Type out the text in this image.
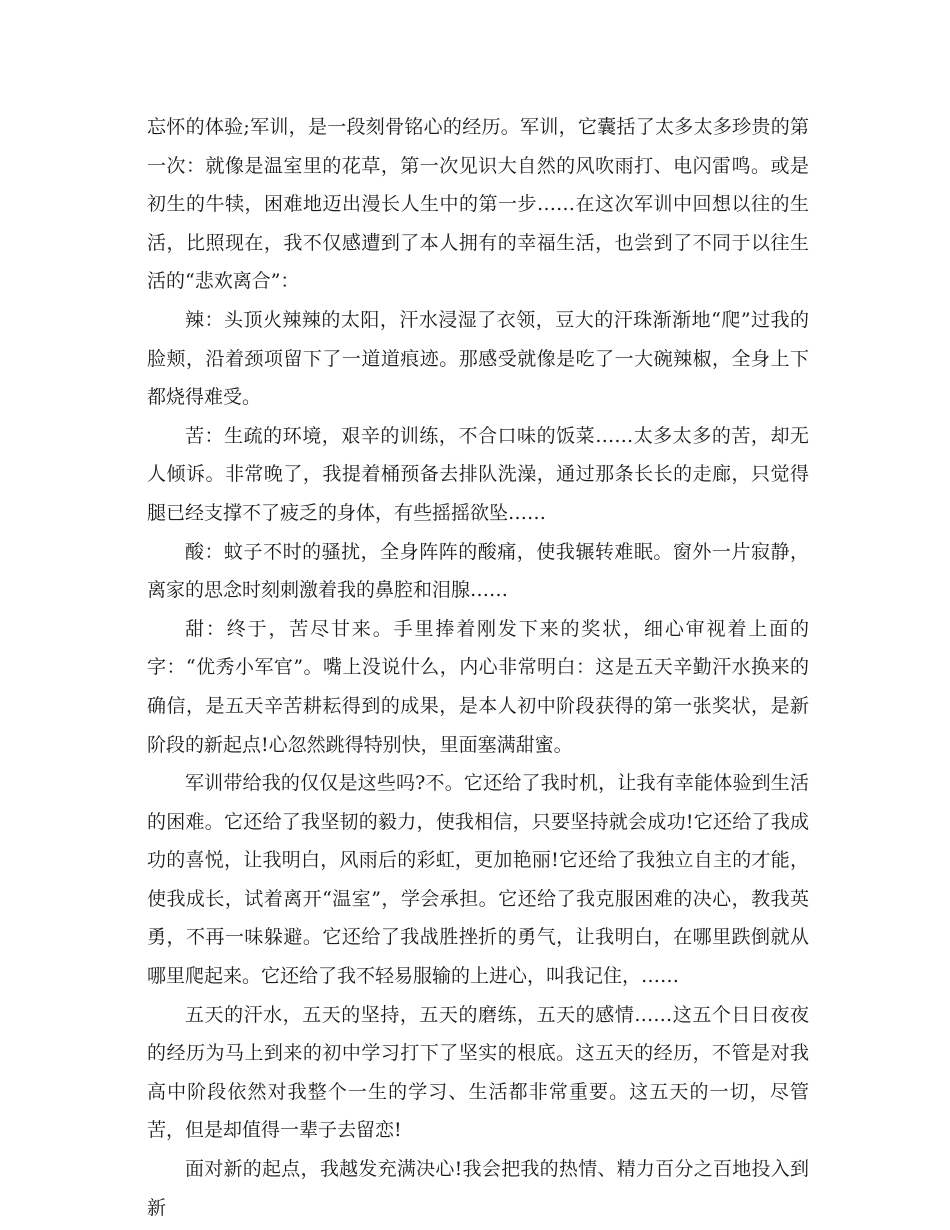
忘怀的体验;军训，是一段刻骨铭心的经历。军训，它囊括了太多太多珍贵的第一次：就像是温室里的花草，第一次见识大自然的风吹雨打、电闪雷鸣。或是初生的牛犊，困难地迈出漫长人生中的第一步……在这次军训中回想以往的生活，比照现在，我不仅感遭到了本人拥有的幸福生活，也尝到了不同于以往生活的“悲欢离合”：

辣：头顶火辣辣的太阳，汗水浸湿了衣领，豆大的汗珠渐渐地“爬”过我的脸颊，沿着颈项留下了一道道痕迹。那感受就像是吃了一大碗辣椒，全身上下都烧得难受。

苦：生疏的环境，艰辛的训练，不合口味的饭菜……太多太多的苦，却无人倾诉。非常晚了，我提着桶预备去排队洗澡，通过那条长长的走廊，只觉得腿已经支撑不了疲乏的身体，有些摇摇欲坠……

酸：蚊子不时的骚扰，全身阵阵的酸痛，使我辗转难眠。窗外一片寂静，离家的思念时刻刺激着我的鼻腔和泪腺……

甜：终于，苦尽甘来。手里捧着刚发下来的奖状，细心审视着上面的字：“优秀小军官”。嘴上没说什么，内心非常明白：这是五天辛勤汗水换来的确信，是五天辛苦耕耘得到的成果，是本人初中阶段获得的第一张奖状，是新阶段的新起点!心忽然跳得特别快，里面塞满甜蜜。

军训带给我的仅仅是这些吗?不。它还给了我时机，让我有幸能体验到生活的困难。它还给了我坚韧的毅力，使我相信，只要坚持就会成功!它还给了我成功的喜悦，让我明白，风雨后的彩虹，更加艳丽!它还给了我独立自主的才能，使我成长，试着离开“温室”，学会承担。它还给了我克服困难的决心，教我英勇，不再一味躲避。它还给了我战胜挫折的勇气，让我明白，在哪里跌倒就从哪里爬起来。它还给了我不轻易服输的上进心，叫我记住，……

五天的汗水，五天的坚持，五天的磨练，五天的感情……这五个日日夜夜的经历为马上到来的初中学习打下了坚实的根底。这五天的经历，不管是对我高中阶段依然对我整个一生的学习、生活都非常重要。这五天的一切，尽管苦，但是却值得一辈子去留恋!

面对新的起点，我越发充满决心!我会把我的热情、精力百分之百地投入到新
